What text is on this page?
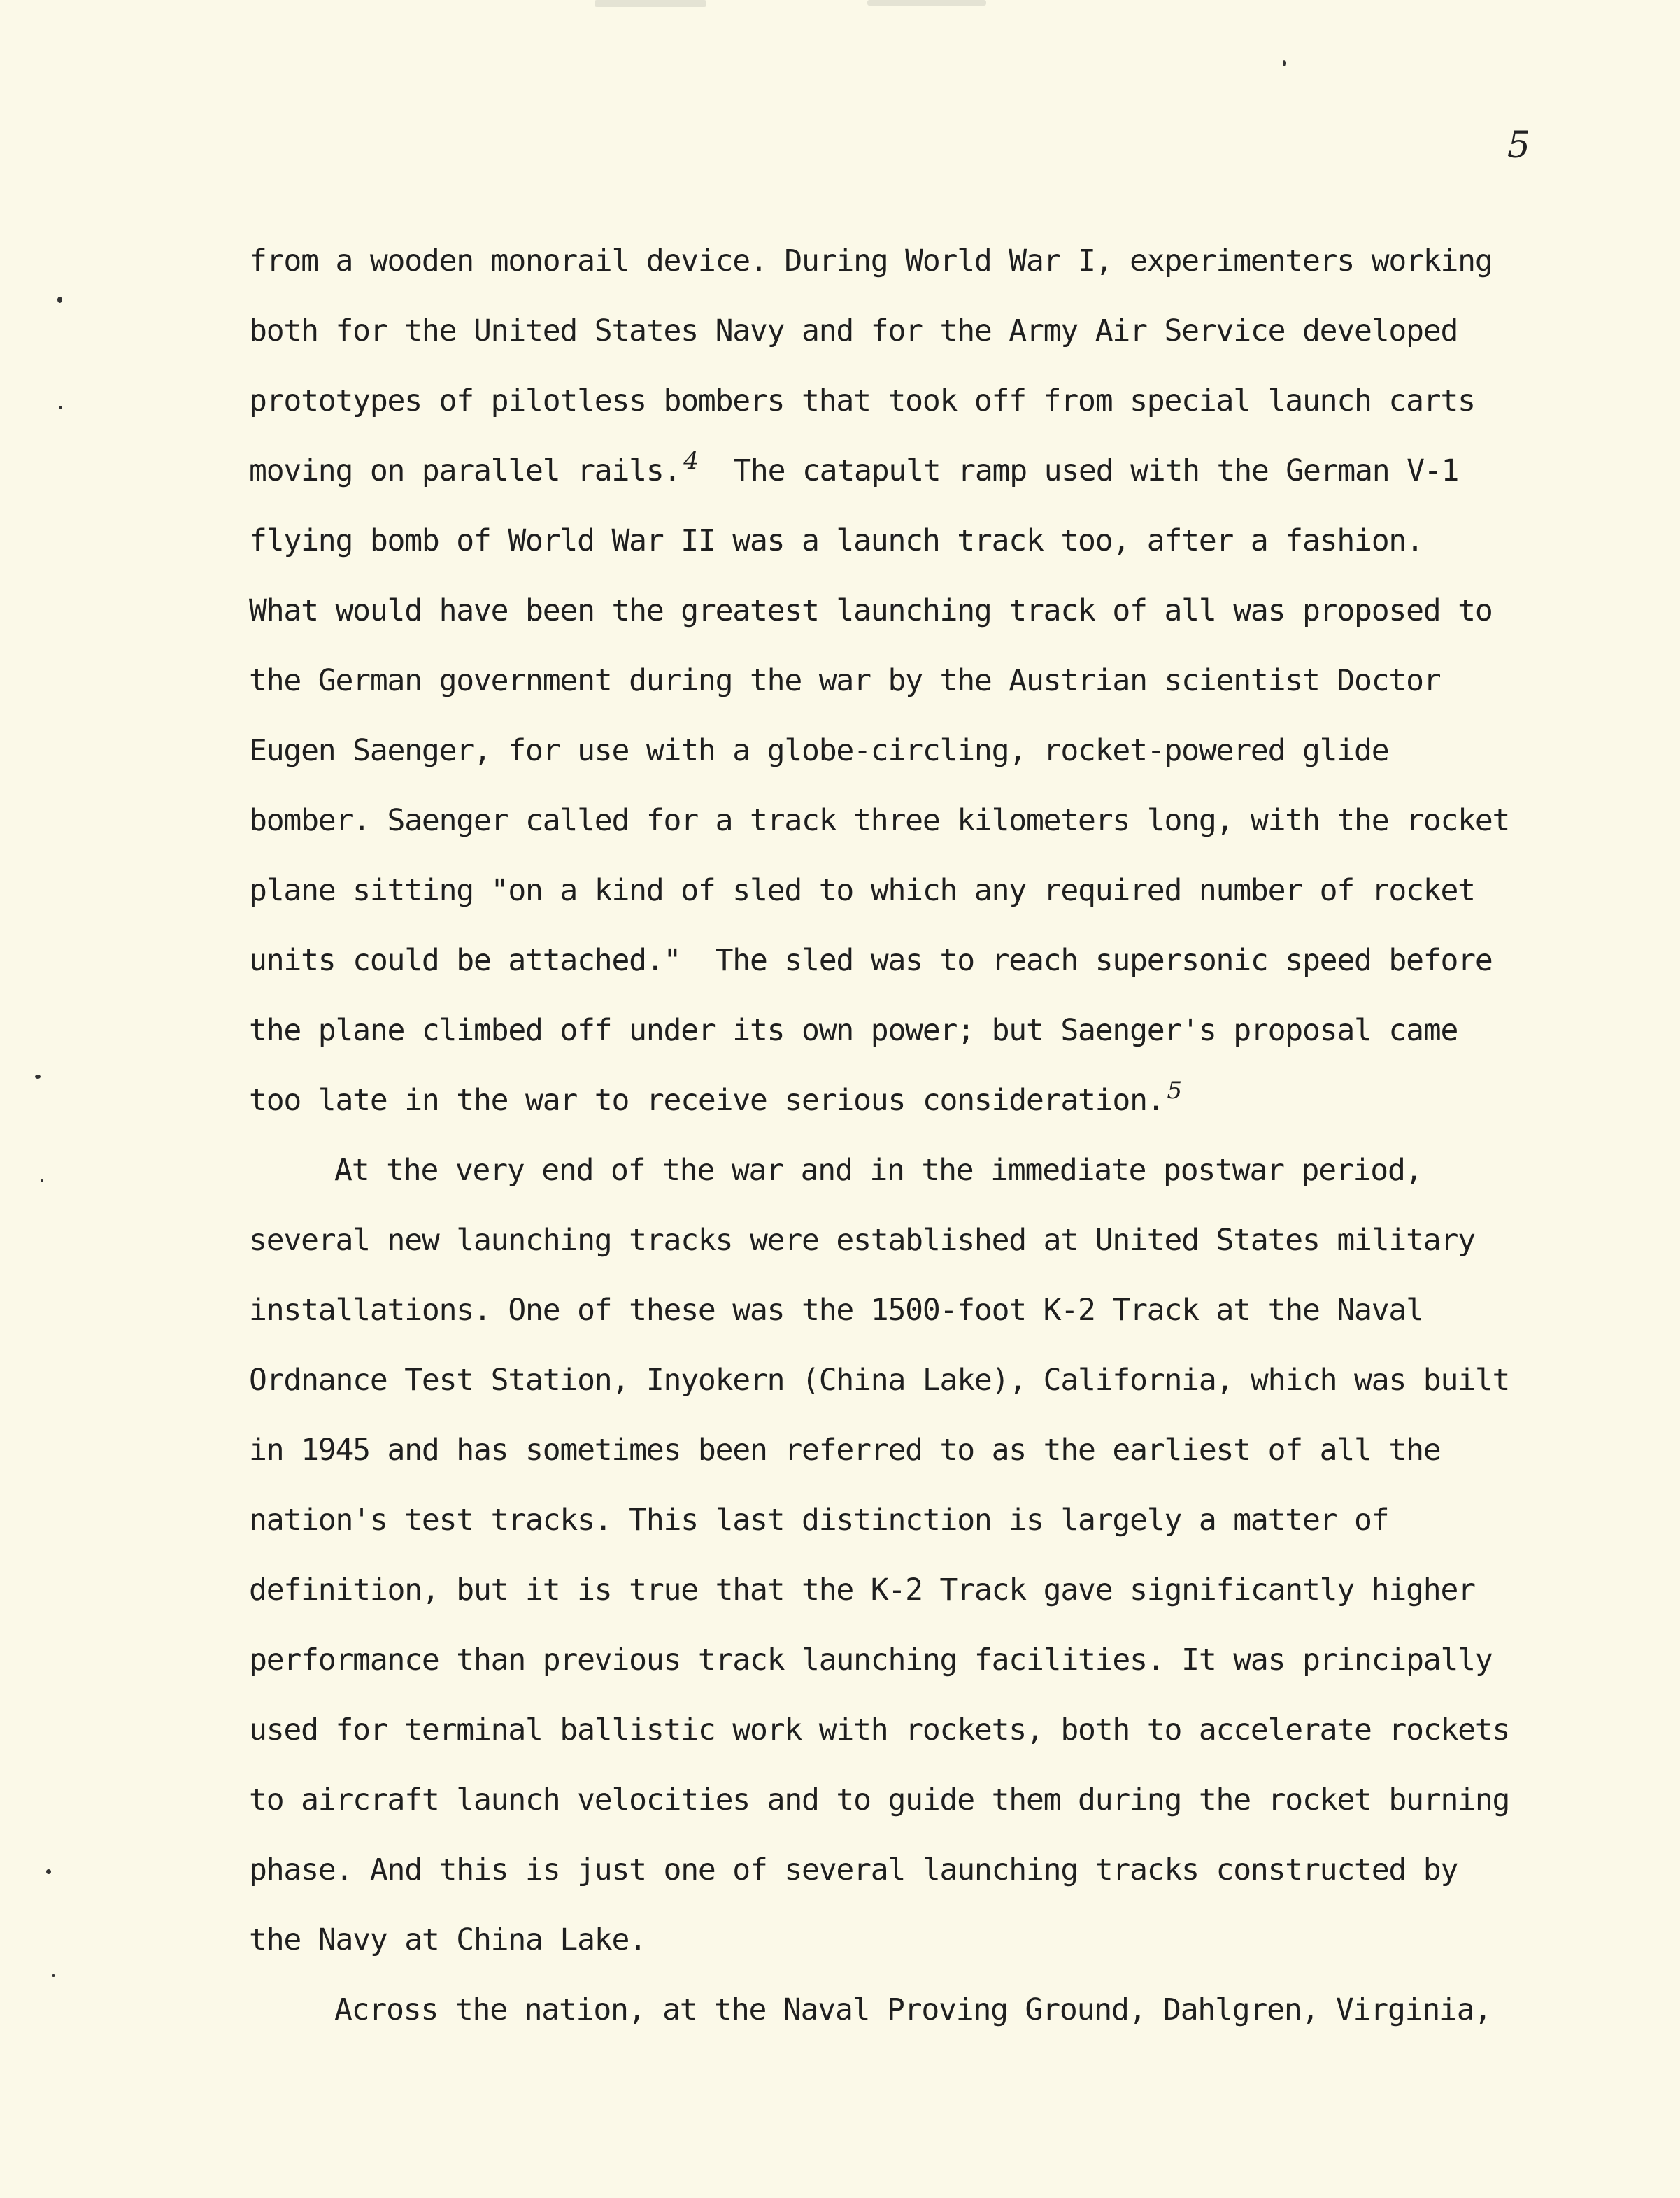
5
from a wooden monorail device. During World War I, experimenters working
both for the United States Navy and for the Army Air Service developed
prototypes of pilotless bombers that took off from special launch carts
moving on parallel rails. $^4$  The catapult ramp used with the German V-1
flying bomb of World War II was a launch track too, after a fashion.
What would have been the greatest launching track of all was proposed to
the German government during the war by the Austrian scientist Doctor
Eugen Saenger, for use with a globe-circling, rocket-powered glide
bomber. Saenger called for a track three kilometers long, with the rocket
plane sitting "on a kind of sled to which any required number of rocket
units could be attached."  The sled was to reach supersonic speed before
the plane climbed off under its own power; but Saenger's proposal came
too late in the war to receive serious consideration. $^5$
At the very end of the war and in the immediate postwar period,
several new launching tracks were established at United States military
installations. One of these was the 1500-foot K-2 Track at the Naval
Ordnance Test Station, Inyokern (China Lake), California, which was built
in 1945 and has sometimes been referred to as the earliest of all the
nation's test tracks. This last distinction is largely a matter of
definition, but it is true that the K-2 Track gave significantly higher
performance than previous track launching facilities. It was principally
used for terminal ballistic work with rockets, both to accelerate rockets
to aircraft launch velocities and to guide them during the rocket burning
phase. And this is just one of several launching tracks constructed by
the Navy at China Lake.
Across the nation, at the Naval Proving Ground, Dahlgren, Virginia,
